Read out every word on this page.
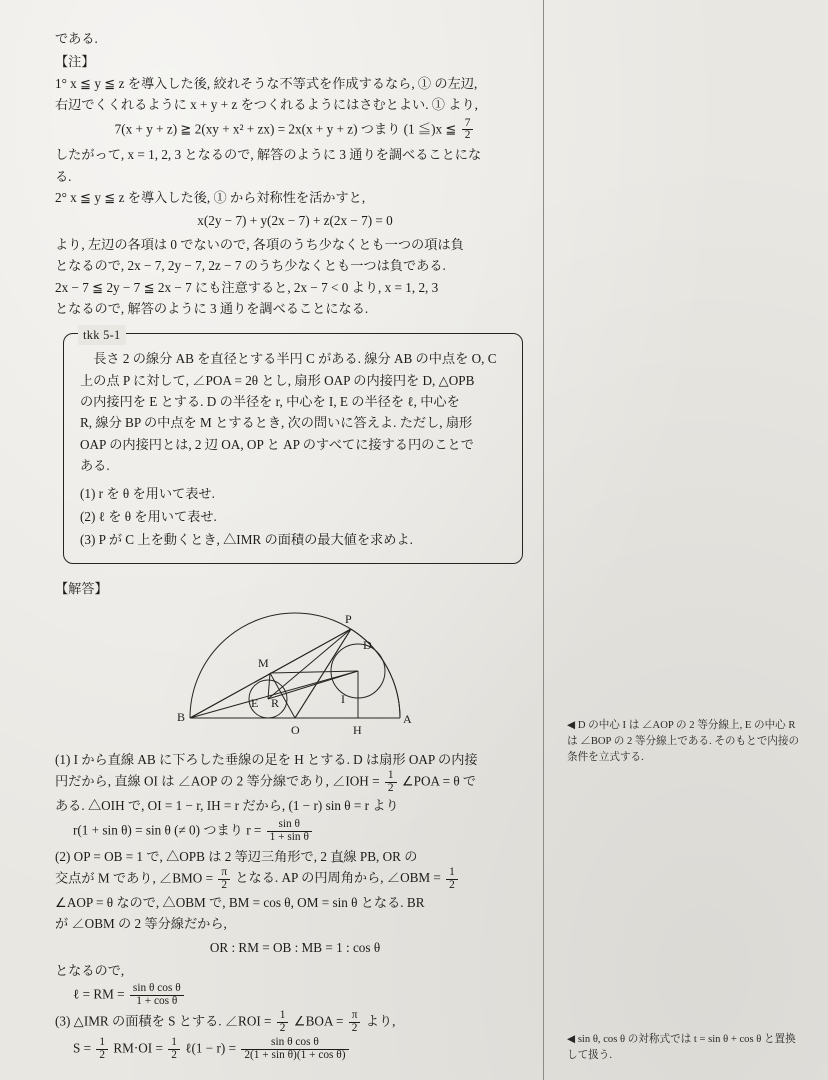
である.
【注】
1° x ≦ y ≦ z を導入した後, 絞れそうな不等式を作成するなら, ① の左辺,
右辺でくくれるように x + y + z をつくれるようにはさむとよい. ① より,
7(x + y + z) ≧ 2(xy + x² + zx) = 2x(x + y + z) つまり (1 ≦)x ≦ $\frac{7}{2}$
したがって, x = 1, 2, 3 となるので, 解答のように 3 通りを調べることにな
る.
2° x ≦ y ≦ z を導入した後, ① から対称性を活かすと,
x(2y − 7) + y(2x − 7) + z(2x − 7) = 0
より, 左辺の各項は 0 でないので, 各項のうち少なくとも一つの項は負
となるので, 2x − 7, 2y − 7, 2z − 7 のうち少なくとも一つは負である.
2x − 7 ≦ 2y − 7 ≦ 2x − 7 にも注意すると, 2x − 7 < 0 より, x = 1, 2, 3
となるので, 解答のように 3 通りを調べることになる.
tkk 5-1

長さ 2 の線分 AB を直径とする半円 C がある. 線分 AB の中点を O, C

上の点 P に対して, ∠POA = 2θ とし, 扇形 OAP の内接円を D, △OPB

の内接円を E とする. D の半径を r, 中心を I, E の半径を ℓ, 中心を

R, 線分 BP の中点を M とするとき, 次の問いに答えよ. ただし, 扇形

OAP の内接円とは, 2 辺 OA, OP と AP のすべてに接する円のことで

ある.

(1) r を θ を用いて表せ.
(2) ℓ を θ を用いて表せ.
(3) P が C 上を動くとき, △IMR の面積の最大値を求めよ.
【解答】
P
D
M
B
E R	I
O	H
A
(1) I から直線 AB に下ろした垂線の足を H とする. D は扇形 OAP の内接
円だから, 直線 OI は ∠AOP の 2 等分線であり, ∠IOH = $\frac{1}{2}$ ∠POA = θ で
ある. △OIH で, OI = 1 − r, IH = r だから, (1 − r) sin θ = r より
r(1 + sin θ) = sin θ (≠ 0) つまり $r = \frac{\text{sin θ}}{\text{1 + sin θ}}$
(2) OP = OB = 1 で, △OPB は 2 等辺三角形で, 2 直線 PB, OR の
交点が M であり, ∠BMO = $\frac{\pi}{2}$ ⌒ となる. AP の円周角から, ∠OBM = $\frac{1}{2}$
∠AOP = θ なので, △OBM で, BM = cos θ, OM = sin θ となる. BR
が ∠OBM の 2 等分線だから,
OR : RM = OB : MB = 1 : cos θ
となるので,
ℓ = RM = $\frac{\text{sin θ cos θ}}{\text{1 + cos θ}}$
(3) △IMR の面積を S とする. ∠ROI = $\frac{1}{2}$ ∠BOA = $\frac{\pi}{2}$ より,
$S = \frac{1}{2} RM\cdot OI = \frac{1}{2}$ ℓ(1 − $r) = \frac{\text{sin θ cos θ}}{\text{2(1 + sin θ)(1 + cos θ)}}$
◀ D の中心 I は ∠AOP の 2 等分線上, E の中心 R は ∠BOP の 2 等分線上である. そのもとで内接の条件を立式する.
◀ sin θ, cos θ の対称式では t = sin θ + cos θ と置換して扱う.
